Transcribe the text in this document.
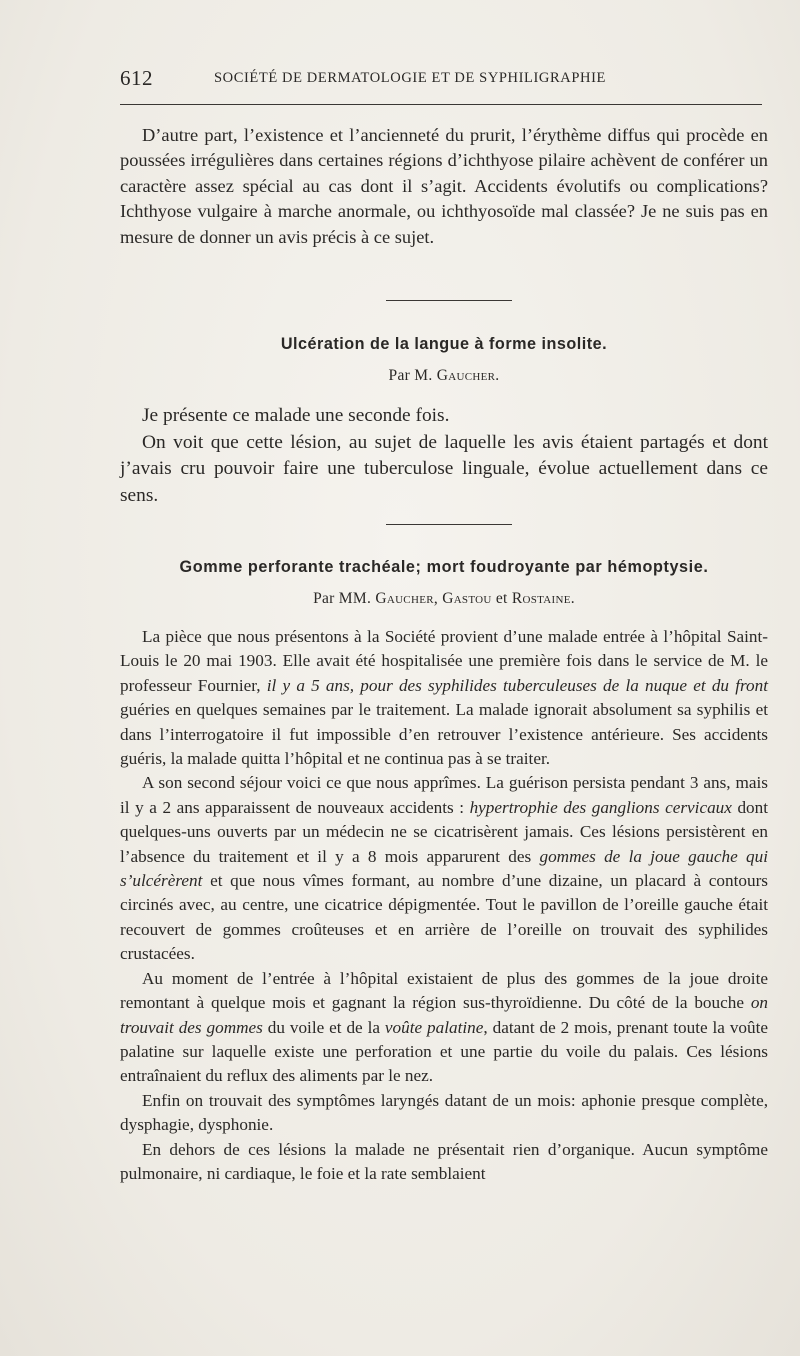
612	SOCIÉTÉ DE DERMATOLOGIE ET DE SYPHILIGRAPHIE

D’autre part, l’existence et l’ancienneté du prurit, l’érythème diffus qui procède en poussées irrégulières dans certaines régions d’ichthyose pilaire achèvent de conférer un caractère assez spécial au cas dont il s’agit. Accidents évolutifs ou complications? Ichthyose vulgaire à marche anormale, ou ichthyosoïde mal classée? Je ne suis pas en mesure de donner un avis précis à ce sujet.

Ulcération de la langue à forme insolite.
Par M. Gaucher.

Je présente ce malade une seconde fois.

On voit que cette lésion, au sujet de laquelle les avis étaient partagés et dont j’avais cru pouvoir faire une tuberculose linguale, évolue actuellement dans ce sens.

Gomme perforante trachéale; mort foudroyante par hémoptysie.
Par MM. Gaucher, Gastou et Rostaine.

La pièce que nous présentons à la Société provient d’une malade entrée à l’hôpital Saint-Louis le 20 mai 1903. Elle avait été hospitalisée une première fois dans le service de M. le professeur Fournier, il y a 5 ans, pour des syphilides tuberculeuses de la nuque et du front guéries en quelques semaines par le traitement. La malade ignorait absolument sa syphilis et dans l’interrogatoire il fut impossible d’en retrouver l’existence antérieure. Ses accidents guéris, la malade quitta l’hôpital et ne continua pas à se traiter.

A son second séjour voici ce que nous apprîmes. La guérison persista pendant 3 ans, mais il y a 2 ans apparaissent de nouveaux accidents : hypertrophie des ganglions cervicaux dont quelques-uns ouverts par un médecin ne se cicatrisèrent jamais. Ces lésions persistèrent en l’absence du traitement et il y a 8 mois apparurent des gommes de la joue gauche qui s’ulcérèrent et que nous vîmes formant, au nombre d’une dizaine, un placard à contours circinés avec, au centre, une cicatrice dépigmentée. Tout le pavillon de l’oreille gauche était recouvert de gommes croûteuses et en arrière de l’oreille on trouvait des syphilides crustacées.

Au moment de l’entrée à l’hôpital existaient de plus des gommes de la joue droite remontant à quelque mois et gagnant la région sus-thyroïdienne. Du côté de la bouche on trouvait des gommes du voile et de la voûte palatine, datant de 2 mois, prenant toute la voûte palatine sur laquelle existe une perforation et une partie du voile du palais. Ces lésions entraînaient du reflux des aliments par le nez.

Enfin on trouvait des symptômes laryngés datant de un mois: aphonie presque complète, dysphagie, dysphonie.

En dehors de ces lésions la malade ne présentait rien d’organique. Aucun symptôme pulmonaire, ni cardiaque, le foie et la rate semblaient
